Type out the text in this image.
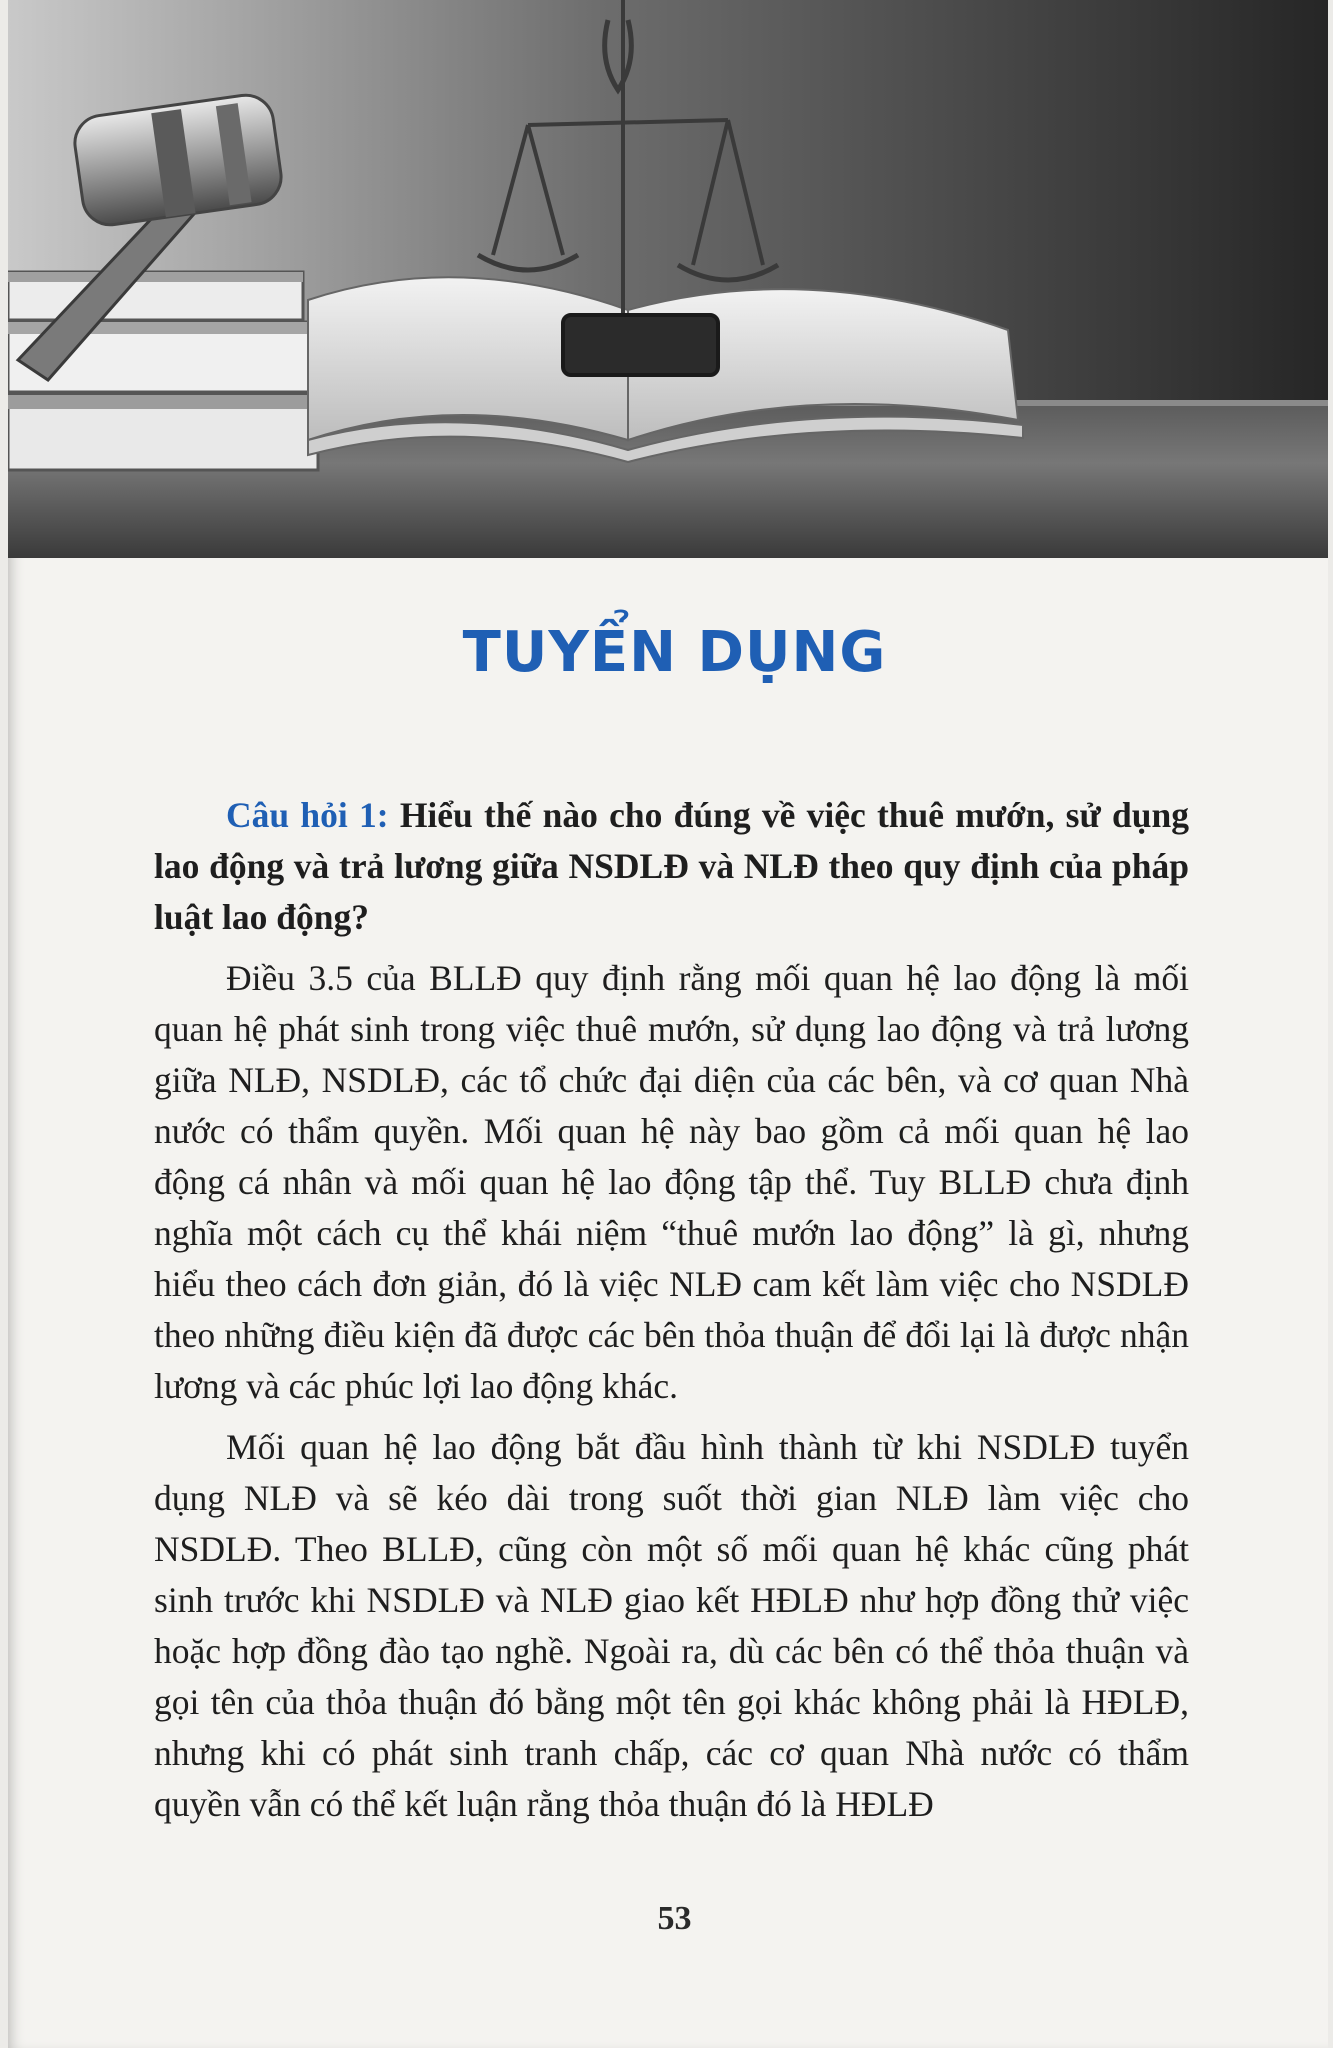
TUYỂN DỤNG

Câu hỏi 1: Hiểu thế nào cho đúng về việc thuê mướn, sử dụng lao động và trả lương giữa NSDLĐ và NLĐ theo quy định của pháp luật lao động?

Điều 3.5 của BLLĐ quy định rằng mối quan hệ lao động là mối quan hệ phát sinh trong việc thuê mướn, sử dụng lao động và trả lương giữa NLĐ, NSDLĐ, các tổ chức đại diện của các bên, và cơ quan Nhà nước có thẩm quyền. Mối quan hệ này bao gồm cả mối quan hệ lao động cá nhân và mối quan hệ lao động tập thể. Tuy BLLĐ chưa định nghĩa một cách cụ thể khái niệm “thuê mướn lao động” là gì, nhưng hiểu theo cách đơn giản, đó là việc NLĐ cam kết làm việc cho NSDLĐ theo những điều kiện đã được các bên thỏa thuận để đổi lại là được nhận lương và các phúc lợi lao động khác.

Mối quan hệ lao động bắt đầu hình thành từ khi NSDLĐ tuyển dụng NLĐ và sẽ kéo dài trong suốt thời gian NLĐ làm việc cho NSDLĐ. Theo BLLĐ, cũng còn một số mối quan hệ khác cũng phát sinh trước khi NSDLĐ và NLĐ giao kết HĐLĐ như hợp đồng thử việc hoặc hợp đồng đào tạo nghề. Ngoài ra, dù các bên có thể thỏa thuận và gọi tên của thỏa thuận đó bằng một tên gọi khác không phải là HĐLĐ, nhưng khi có phát sinh tranh chấp, các cơ quan Nhà nước có thẩm quyền vẫn có thể kết luận rằng thỏa thuận đó là HĐLĐ

53
